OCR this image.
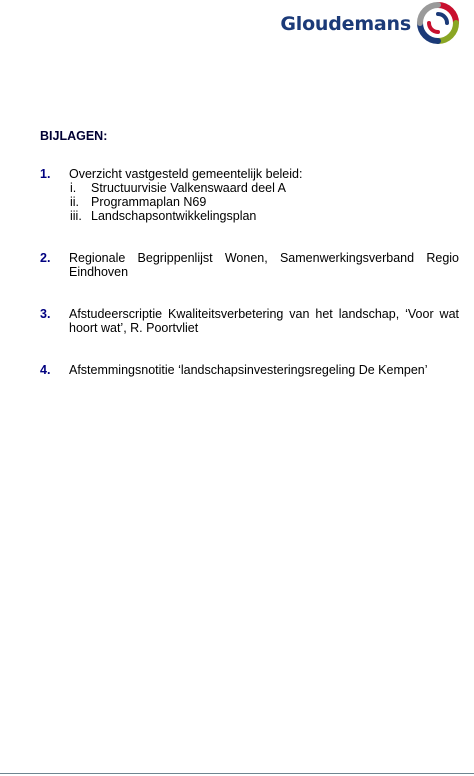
Gloudemans
BIJLAGEN:
1. Overzicht vastgesteld gemeentelijk beleid:
i. Structuurvisie Valkenswaard deel A
ii. Programmaplan N69
iii. Landschapsontwikkelingsplan
2. Regionale Begrippenlijst Wonen, Samenwerkingsverband Regio
Eindhoven
3. Afstudeerscriptie Kwaliteitsverbetering van het landschap, ‘Voor wat
hoort wat’, R. Poortvliet
4. Afstemmingsnotitie ‘landschapsinvesteringsregeling De Kempen’
